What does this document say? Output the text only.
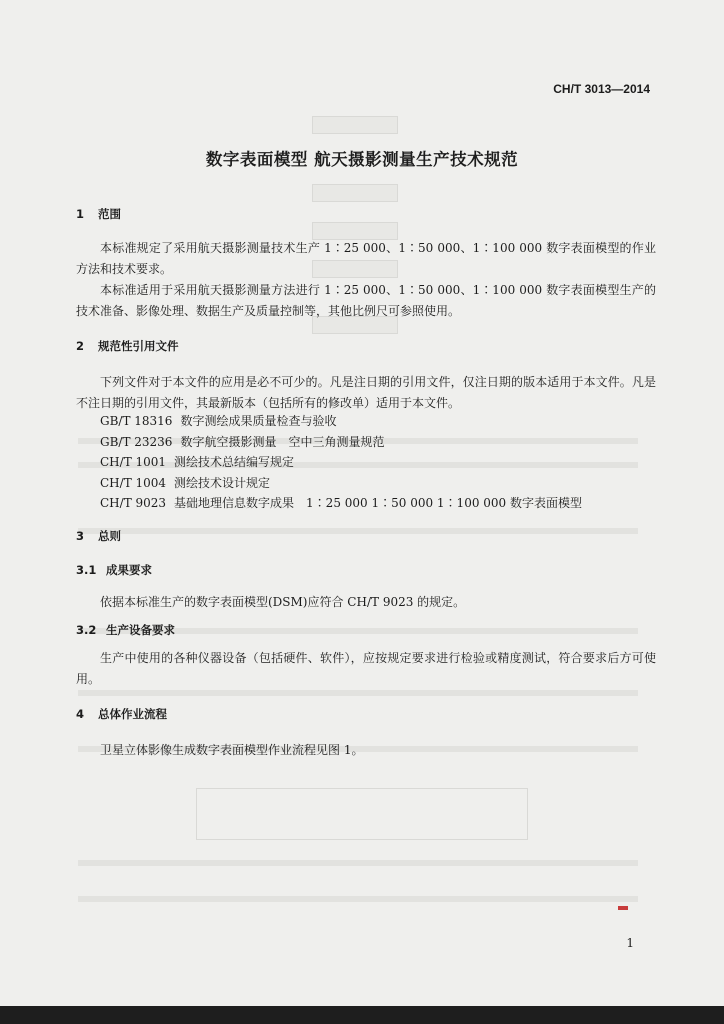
CH/T 3013—2014
数字表面模型 航天摄影测量生产技术规范
1 范围
本标准规定了采用航天摄影测量技术生产 1∶25 000、1∶50 000、1∶100 000 数字表面模型的作业方法和技术要求。
本标准适用于采用航天摄影测量方法进行 1∶25 000、1∶50 000、1∶100 000 数字表面模型生产的技术准备、影像处理、数据生产及质量控制等，其他比例尺可参照使用。
2 规范性引用文件
下列文件对于本文件的应用是必不可少的。凡是注日期的引用文件，仅注日期的版本适用于本文件。凡是不注日期的引用文件，其最新版本（包括所有的修改单）适用于本文件。
GB/T 18316 数字测绘成果质量检查与验收
GB/T 23236 数字航空摄影测量　空中三角测量规范
CH/T 1001 测绘技术总结编写规定
CH/T 1004 测绘技术设计规定
CH/T 9023 基础地理信息数字成果　1∶25 000 1∶50 000 1∶100 000 数字表面模型
3 总则
3.1 成果要求
依据本标准生产的数字表面模型(DSM)应符合 CH/T 9023 的规定。
3.2 生产设备要求
生产中使用的各种仪器设备（包括硬件、软件），应按规定要求进行检验或精度测试，符合要求后方可使用。
4 总体作业流程
卫星立体影像生成数字表面模型作业流程见图 1。
1
